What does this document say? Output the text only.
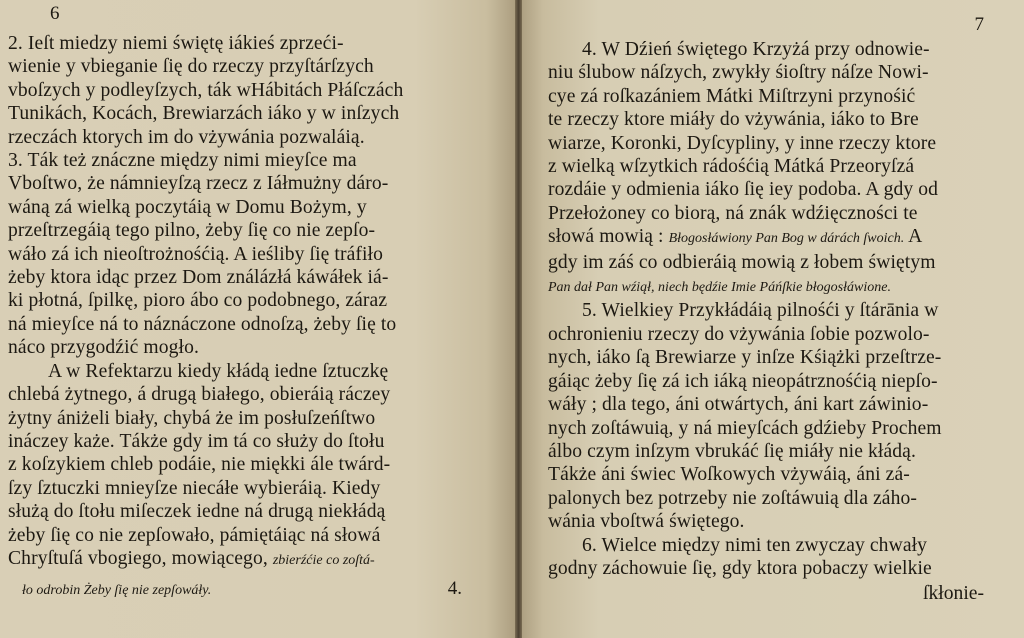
6
2. Ieſt miedzy niemi świętę iákieś zprzeći-
wienie y vbieganie ſię do rzeczy przyſtárſzych
vboſzych y podleyſzych, ták wHábitách Płáſczách
Tunikách, Kocách, Brewiarzách iáko y w inſzych
rzeczách ktorych im do vżywánia pozwaláią.
3. Ták też znáczne między nimi mieyſce ma
Vboſtwo, że námnieyſzą rzecz z Iáłmużny dáro-
wáną zá wielką poczytáią w Domu Bożym, y
przeſtrzegáią tego pilno, żeby ſię co nie zepſo-
wáło zá ich nieoſtrożnośćią. A ieśliby ſię tráfiło
żeby ktora idąc przez Dom ználázłá káwáłek iá-
ki płotná, ſpilkę, pioro ábo co podobnego, záraz
ná mieyſce ná to náznáczone odnoſzą, żeby ſię to
náco przygodźić mogło.
A w Refektarzu kiedy kłádą iedne ſztuczkę
chlebá żytnego, á drugą białego, obieráią ráczey
żytny ániżeli biały, chybá że im posłuſzeńſtwo
ináczey każe. Tákże gdy im tá co służy do ſtołu
z koſzykiem chleb podáie, nie miękki ále twárd-
ſzy ſztuczki mnieyſze niecáłe wybieráią. Kiedy
służą do ſtołu miſeczek iedne ná drugą niekłádą
żeby ſię co nie zepſowało, pámiętáiąc ná słowá
Chryſtuſá vbogiego, mowiącego, zbierźćie co zoſtá-
ło odrobin Żeby ſię nie zepſowáły.	4.
7
4. W Dźień świętego Krzyżá przy odnowie-
niu ślubow náſzych, zwykły śioſtry náſze Nowi-
cye zá roſkazániem Mátki Miſtrzyni przynośić
te rzeczy ktore miáły do vżywánia, iáko to Bre
wiarze, Koronki, Dyſcypliny, y inne rzeczy ktore
z wielką wſzytkich rádośćią Mátká Przeoryſzá
rozdáie y odmienia iáko ſię iey podoba. A gdy od
Przełożoney co biorą, ná znák wdźięczności te
słowá mowią : Błogosłáwiony Pan Bog w dárách ſwoich. A
gdy im záś co odbieráią mowią z łobem świętym
Pan dał Pan wźiął, niech będźie Imie Páńſkie błogosłáwione.
5. Wielkiey Przykłádáią pilnośći y ſtárānia w
ochronieniu rzeczy do vżywánia ſobie pozwolo-
nych, iáko ſą Brewiarze y inſze Kśiążki przeſtrze-
gáiąc żeby ſię zá ich iáką nieopátrznośćią niepſo-
wáły ; dla tego, áni otwártych, áni kart záwinio-
nych zoſtáwuią, y ná mieyſcách gdźieby Prochem
álbo czym inſzym vbrukáć ſię miáły nie kłádą.
Tákże áni świec Woſkowych vżywáią, áni zá-
palonych bez potrzeby nie zoſtáwuią dla záho-
wánia vboſtwá świętego.
6. Wielce między nimi ten zwyczay chwały
godny záchowuie ſię, gdy ktora pobaczy wielkie
ſkłonie-
